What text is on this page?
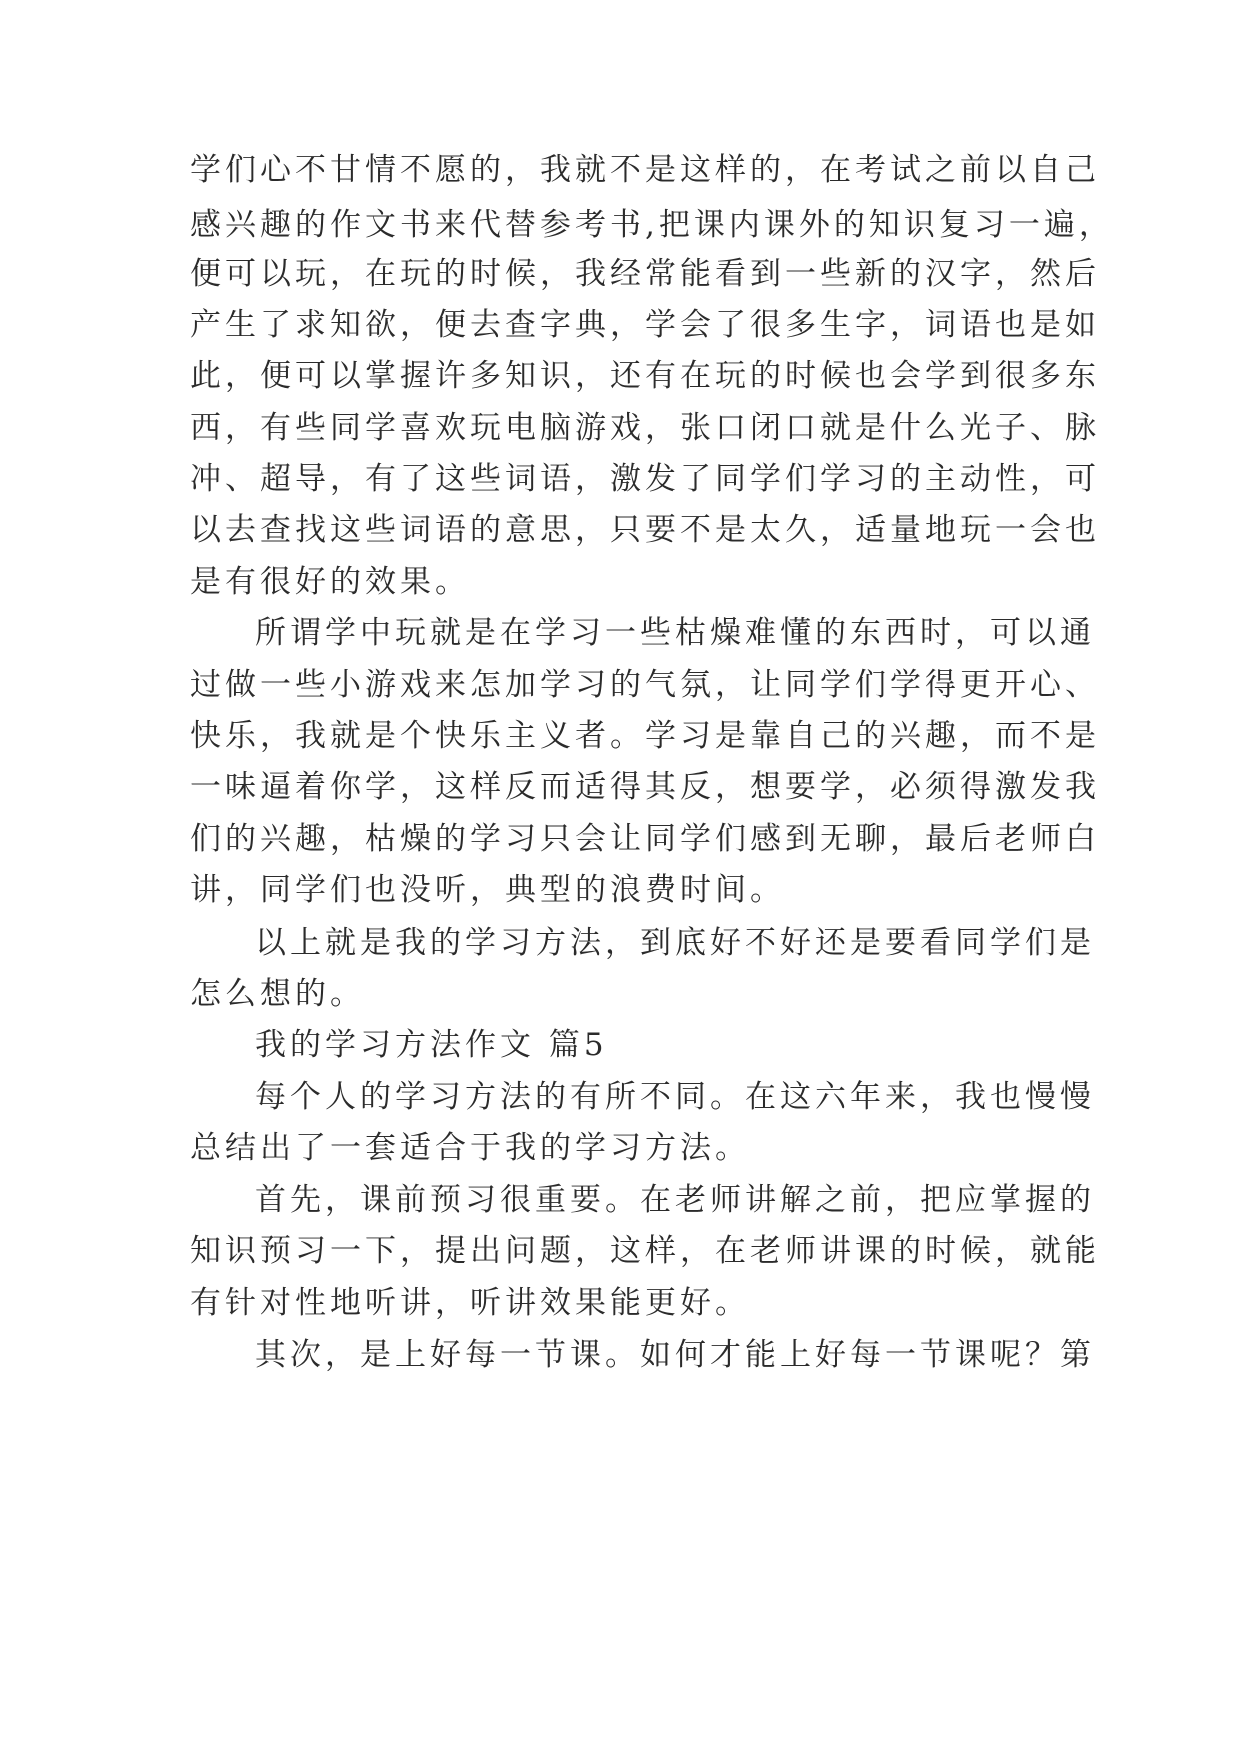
学们心不甘情不愿的，我就不是这样的，在考试之前以自己
感兴趣的作文书来代替参考书,把课内课外的知识复习一遍，
便可以玩，在玩的时候，我经常能看到一些新的汉字，然后
产生了求知欲，便去查字典，学会了很多生字，词语也是如
此，便可以掌握许多知识，还有在玩的时候也会学到很多东
西，有些同学喜欢玩电脑游戏，张口闭口就是什么光子、脉
冲、超导，有了这些词语，激发了同学们学习的主动性，可
以去查找这些词语的意思，只要不是太久，适量地玩一会也
是有很好的效果。
所谓学中玩就是在学习一些枯燥难懂的东西时，可以通
过做一些小游戏来怎加学习的气氛，让同学们学得更开心、
快乐，我就是个快乐主义者。学习是靠自己的兴趣，而不是
一味逼着你学，这样反而适得其反，想要学，必须得激发我
们的兴趣，枯燥的学习只会让同学们感到无聊，最后老师白
讲，同学们也没听，典型的浪费时间。
以上就是我的学习方法，到底好不好还是要看同学们是
怎么想的。
我的学习方法作文 篇5
每个人的学习方法的有所不同。在这六年来，我也慢慢
总结出了一套适合于我的学习方法。
首先，课前预习很重要。在老师讲解之前，把应掌握的
知识预习一下，提出问题，这样，在老师讲课的时候，就能
有针对性地听讲，听讲效果能更好。
其次，是上好每一节课。如何才能上好每一节课呢？第
